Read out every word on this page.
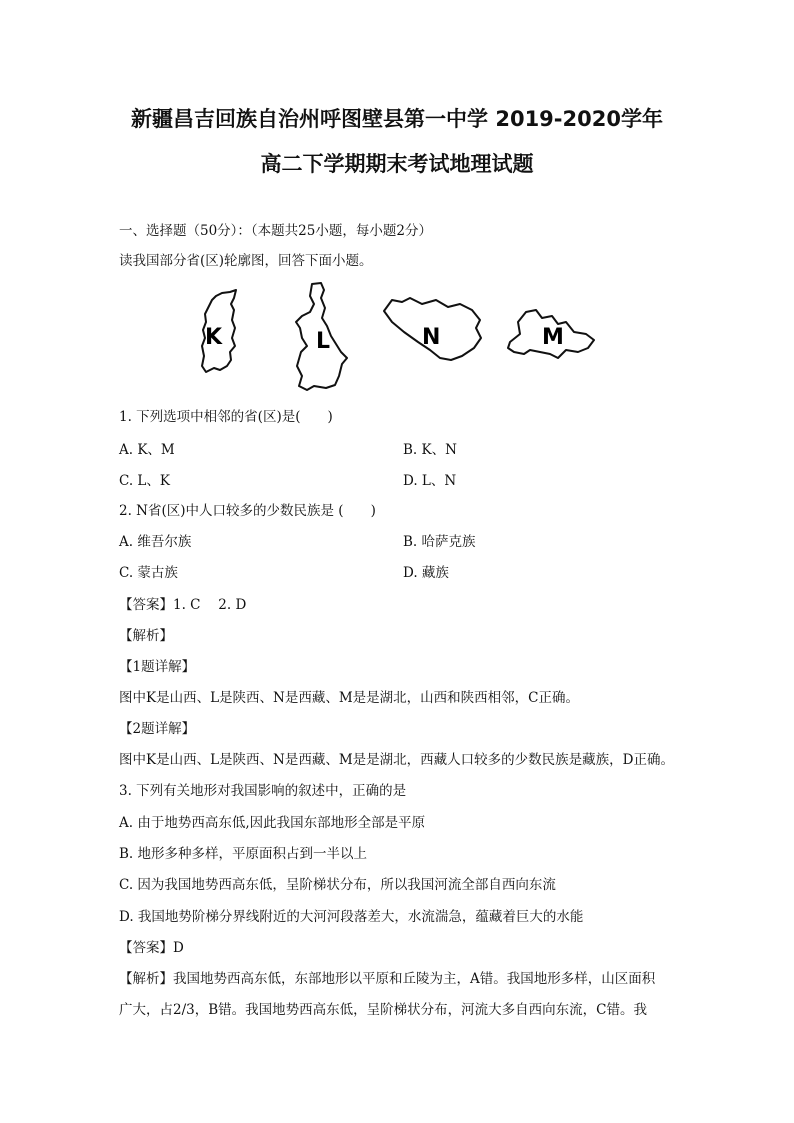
新疆昌吉回族自治州呼图壁县第一中学 2019-2020学年
高二下学期期末考试地理试题
一、选择题（50分）：（本题共25小题，每小题2分）
读我国部分省(区)轮廓图，回答下面小题。
K	L	N	M
1. 下列选项中相邻的省(区)是(　　)
A. K、M	B. K、N
C. L、K	D. L、N
2. N省(区)中人口较多的少数民族是 (　　)
A. 维吾尔族	B. 哈萨克族
C. 蒙古族	D. 藏族
【答案】1. C　 2. D
【解析】
【1题详解】
图中K是山西、L是陕西、N是西藏、M是是湖北，山西和陕西相邻，C正确。
【2题详解】
图中K是山西、L是陕西、N是西藏、M是是湖北，西藏人口较多的少数民族是藏族，D正确。
3. 下列有关地形对我国影响的叙述中，正确的是
A. 由于地势西高东低,因此我国东部地形全部是平原
B. 地形多种多样，平原面积占到一半以上
C. 因为我国地势西高东低，呈阶梯状分布，所以我国河流全部自西向东流
D. 我国地势阶梯分界线附近的大河河段落差大，水流湍急，蕴藏着巨大的水能
【答案】D
【解析】我国地势西高东低，东部地形以平原和丘陵为主，A错。我国地形多样，山区面积
广大，占2/3，B错。我国地势西高东低，呈阶梯状分布，河流大多自西向东流，C错。我
